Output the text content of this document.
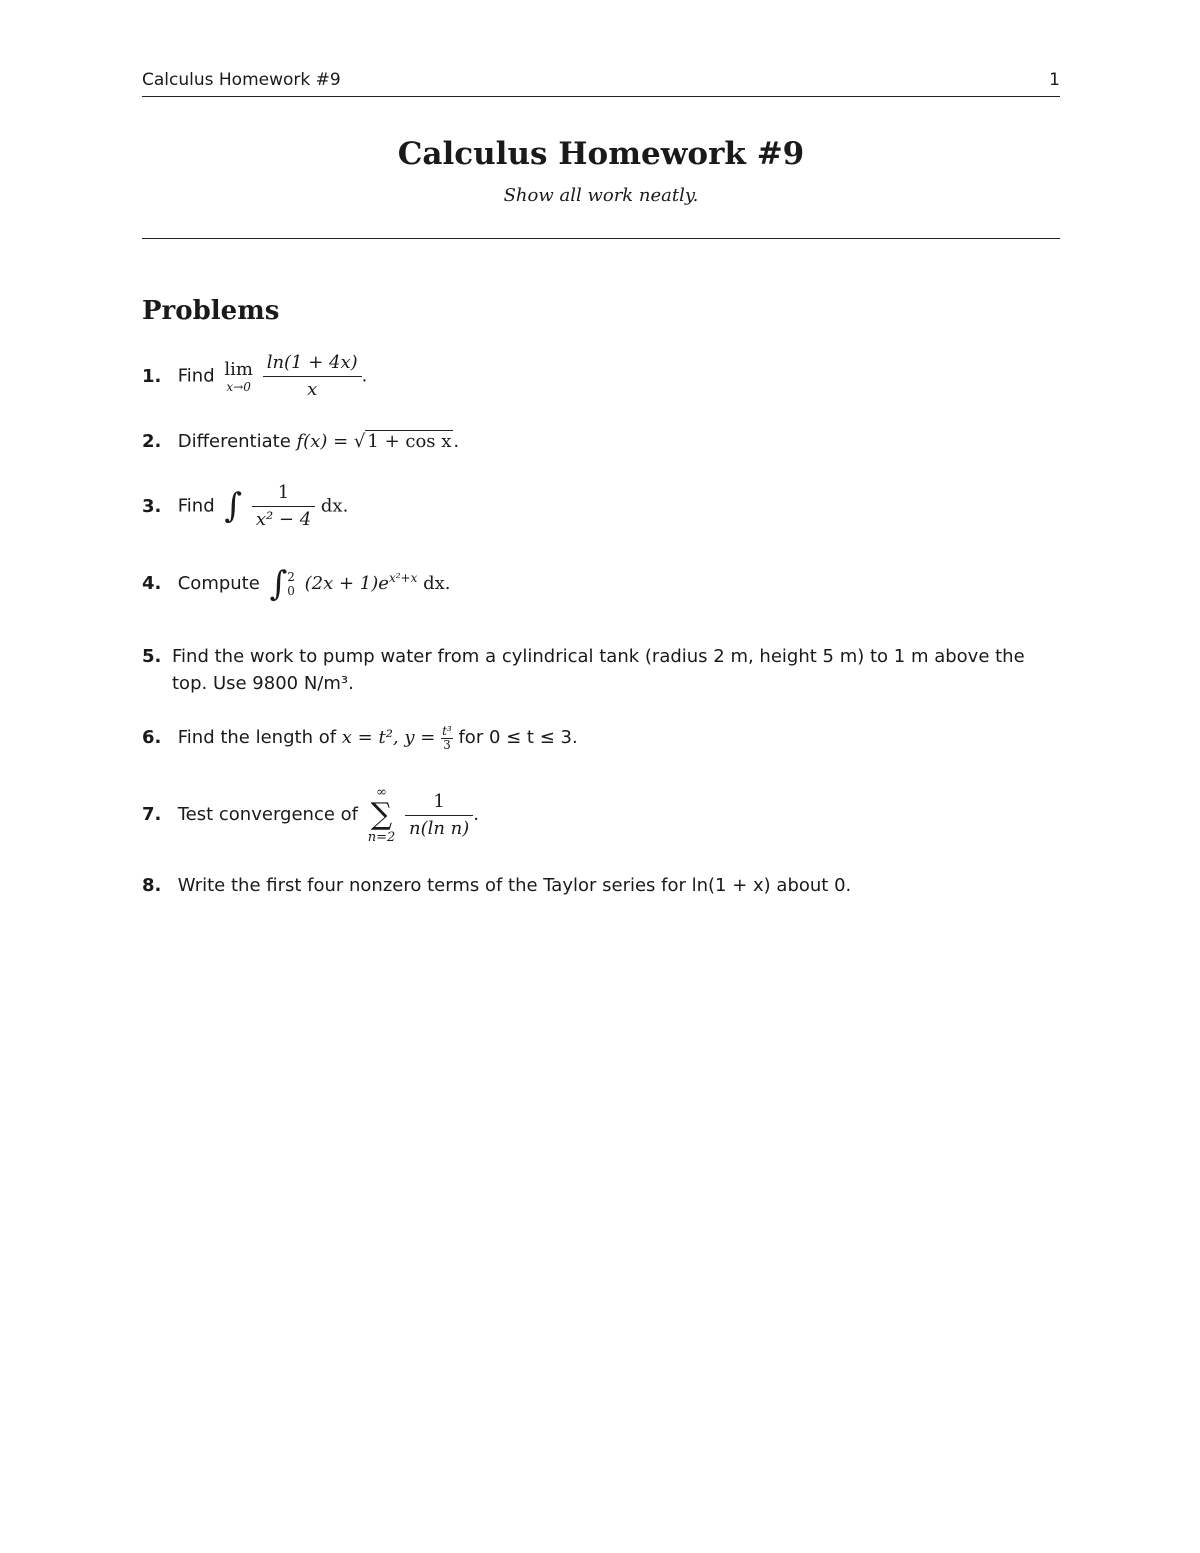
Calculus Homework #9	1
Calculus Homework #9
Show all work neatly.
Problems
1. Find lim
x→0
$\frac{\ln(1 + 4x)}{x}$ .
2. Differentiate f(x) = √ 1 + cos x .
3. Find ∫ $\frac{1}{\text{x² − 4}}$ dx.
4. Compute ∫ 2
0 $(2x + 1)e^{x^2+x}$ dx.
5. Find the work to pump water from a cylindrical tank (radius 2 m, height 5 m) to 1 m above the top. Use 9800 N/m³.
6. Find the length of x = t², $y = \frac{\text{t³}}{3}$ for 0 ≤ t ≤ 3.
7. Test convergence of
∞
∑
n=2
$\frac{1}{\text{n(ln n)}}$ .
8. Write the first four nonzero terms of the Taylor series for ln(1 + x) about 0.
